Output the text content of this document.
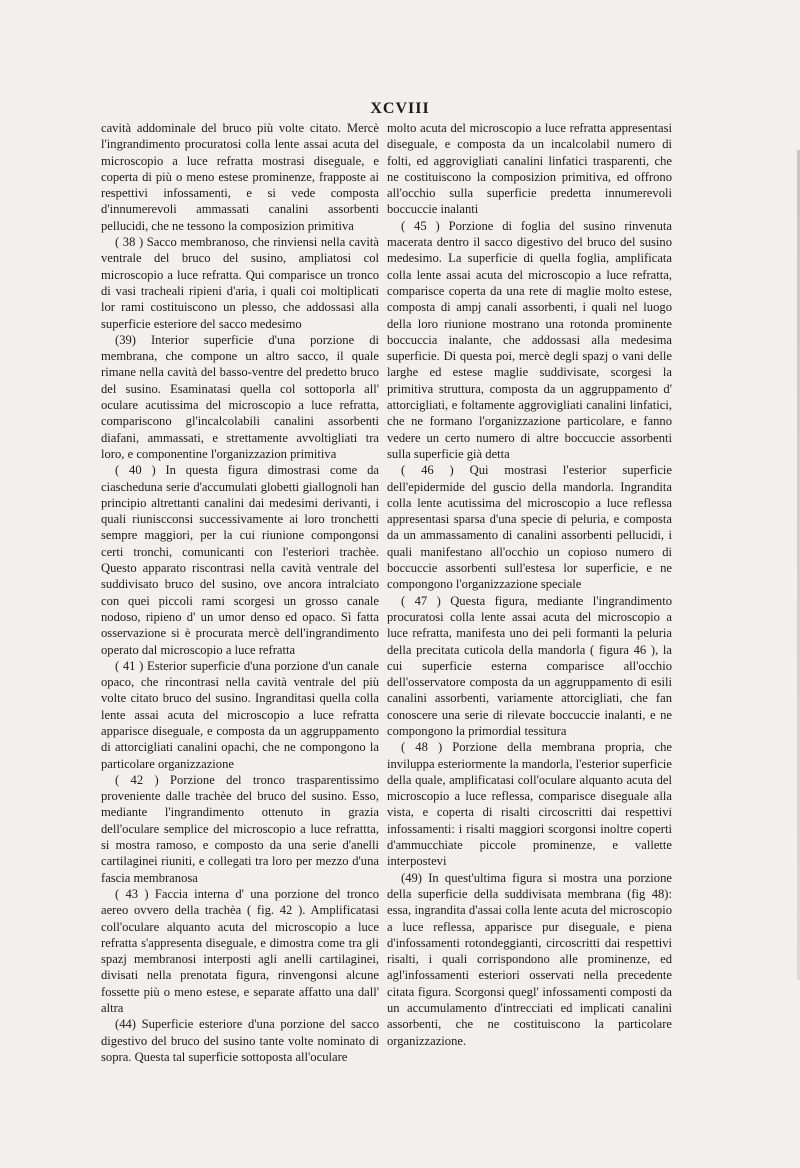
XCVIII

cavità addominale del bruco più volte citato. Mercè l'ingrandimento procuratosi colla lente assai acuta del microscopio a luce refratta mostrasi diseguale, e coperta di più o meno estese prominenze, frapposte ai respettivi infossamenti, e si vede composta d'innumerevoli ammassati canalini assorbenti pellucidi, che ne tessono la composizion primitiva

( 38 ) Sacco membranoso, che rinviensi nella cavità ventrale del bruco del susino, ampliatosi col microscopio a luce refratta. Qui comparisce un tronco di vasi tracheali ripieni d'aria, i quali coi moltiplicati lor rami costituiscono un plesso, che addossasi alla superficie esteriore del sacco medesimo

(39) Interior superficie d'una porzione di membrana, che compone un altro sacco, il quale rimane nella cavità del basso-ventre del predetto bruco del susino. Esaminatasi quella col sottoporla all' oculare acutissima del microscopio a luce refratta, compariscono gl'incalcolabili canalini assorbenti diafani, ammassati, e strettamente avvoltigliati tra loro, e componentine l'organizzazion primitiva

( 40 ) In questa figura dimostrasi come da ciascheduna serie d'accumulati globetti giallognoli han principio altrettanti canalini dai medesimi derivanti, i quali riuniscconsi successivamente ai loro tronchetti sempre maggiori, per la cui riunione compongonsi certi tronchi, comunicanti con l'esteriori trachèe. Questo apparato riscontrasi nella cavità ventrale del suddivisato bruco del susino, ove ancora intralciato con quei piccoli rami scorgesi un grosso canale nodoso, ripieno d' un umor denso ed opaco. Sì fatta osservazione si è procurata mercè dell'ingrandimento operato dal microscopio a luce refratta

( 41 ) Esterior superficie d'una porzione d'un canale opaco, che rincontrasi nella cavità ventrale del più volte citato bruco del susino. Ingranditasi quella colla lente assai acuta del microscopio a luce refratta apparisce diseguale, e composta da un aggruppamento di attorcigliati canalini opachi, che ne compongono la particolare organizzazione

( 42 ) Porzione del tronco trasparentissimo proveniente dalle trachèe del bruco del susino. Esso, mediante l'ingrandimento ottenuto in grazia dell'oculare semplice del microscopio a luce refrattta, si mostra ramoso, e composto da una serie d'anelli cartilaginei riuniti, e collegati tra loro per mezzo d'una fascia membranosa

( 43 ) Faccia interna d' una porzione del tronco aereo ovvero della trachèa ( fig. 42 ). Amplificatasi coll'oculare alquanto acuta del microscopio a luce refratta s'appresenta diseguale, e dimostra come tra gli spazj membranosi interposti agli anelli cartilaginei, divisati nella prenotata figura, rinvengonsi alcune fossette più o meno estese, e separate affatto una dall' altra

(44) Superficie esteriore d'una porzione del sacco digestivo del bruco del susino tante volte nominato di sopra. Questa tal superficie sottoposta all'oculare

molto acuta del microscopio a luce refratta appresentasi diseguale, e composta da un incalcolabil numero di folti, ed aggrovigliati canalini linfatici trasparenti, che ne costituiscono la composizion primitiva, ed offrono all'occhio sulla superficie predetta innumerevoli boccuccie inalanti

( 45 ) Porzione di foglia del susino rinvenuta macerata dentro il sacco digestivo del bruco del susino medesimo. La superficie di quella foglia, amplificata colla lente assai acuta del microscopio a luce refratta, comparisce coperta da una rete di maglie molto estese, composta di ampj canali assorbenti, i quali nel luogo della loro riunione mostrano una rotonda prominente boccuccia inalante, che addossasi alla medesima superficie. Di questa poi, mercè degli spazj o vani delle larghe ed estese maglie suddivisate, scorgesi la primitiva struttura, composta da un aggruppamento d' attorcigliati, e foltamente aggrovigliati canalini linfatici, che ne formano l'organizzazione particolare, e fanno vedere un certo numero di altre boccuccie assorbenti sulla superficie già detta

( 46 ) Qui mostrasi l'esterior superficie dell'epidermide del guscio della mandorla. Ingrandita colla lente acutissima del microscopio a luce reflessa appresentasi sparsa d'una specie di peluria, e composta da un ammassamento di canalini assorbenti pellucidi, i quali manifestano all'occhio un copioso numero di boccuccie assorbenti sull'estesa lor superficie, e ne compongono l'organizzazione speciale

( 47 ) Questa figura, mediante l'ingrandimento procuratosi colla lente assai acuta del microscopio a luce refratta, manifesta uno dei peli formanti la peluria della precitata cuticola della mandorla ( figura 46 ), la cui superficie esterna comparisce all'occhio dell'osservatore composta da un aggruppamento di esili canalini assorbenti, variamente attorcigliati, che fan conoscere una serie di rilevate boccuccie inalanti, e ne compongono la primordial tessitura

( 48 ) Porzione della membrana propria, che inviluppa esteriormente la mandorla, l'esterior superficie della quale, amplificatasi coll'oculare alquanto acuta del microscopio a luce reflessa, comparisce diseguale alla vista, e coperta di risalti circoscritti dai respettivi infossamenti: i risalti maggiori scorgonsi inoltre coperti d'ammucchiate piccole prominenze, e vallette interpostevi

(49) In quest'ultima figura si mostra una porzione della superficie della suddivisata membrana (fig 48): essa, ingrandita d'assai colla lente acuta del microscopio a luce reflessa, apparisce pur diseguale, e piena d'infossamenti rotondeggianti, circoscritti dai respettivi risalti, i quali corrispondono alle prominenze, ed agl'infossamenti esteriori osservati nella precedente citata figura. Scorgonsi quegl' infossamenti composti da un accumulamento d'intrecciati ed implicati canalini assorbenti, che ne costituiscono la particolare organizzazione.
